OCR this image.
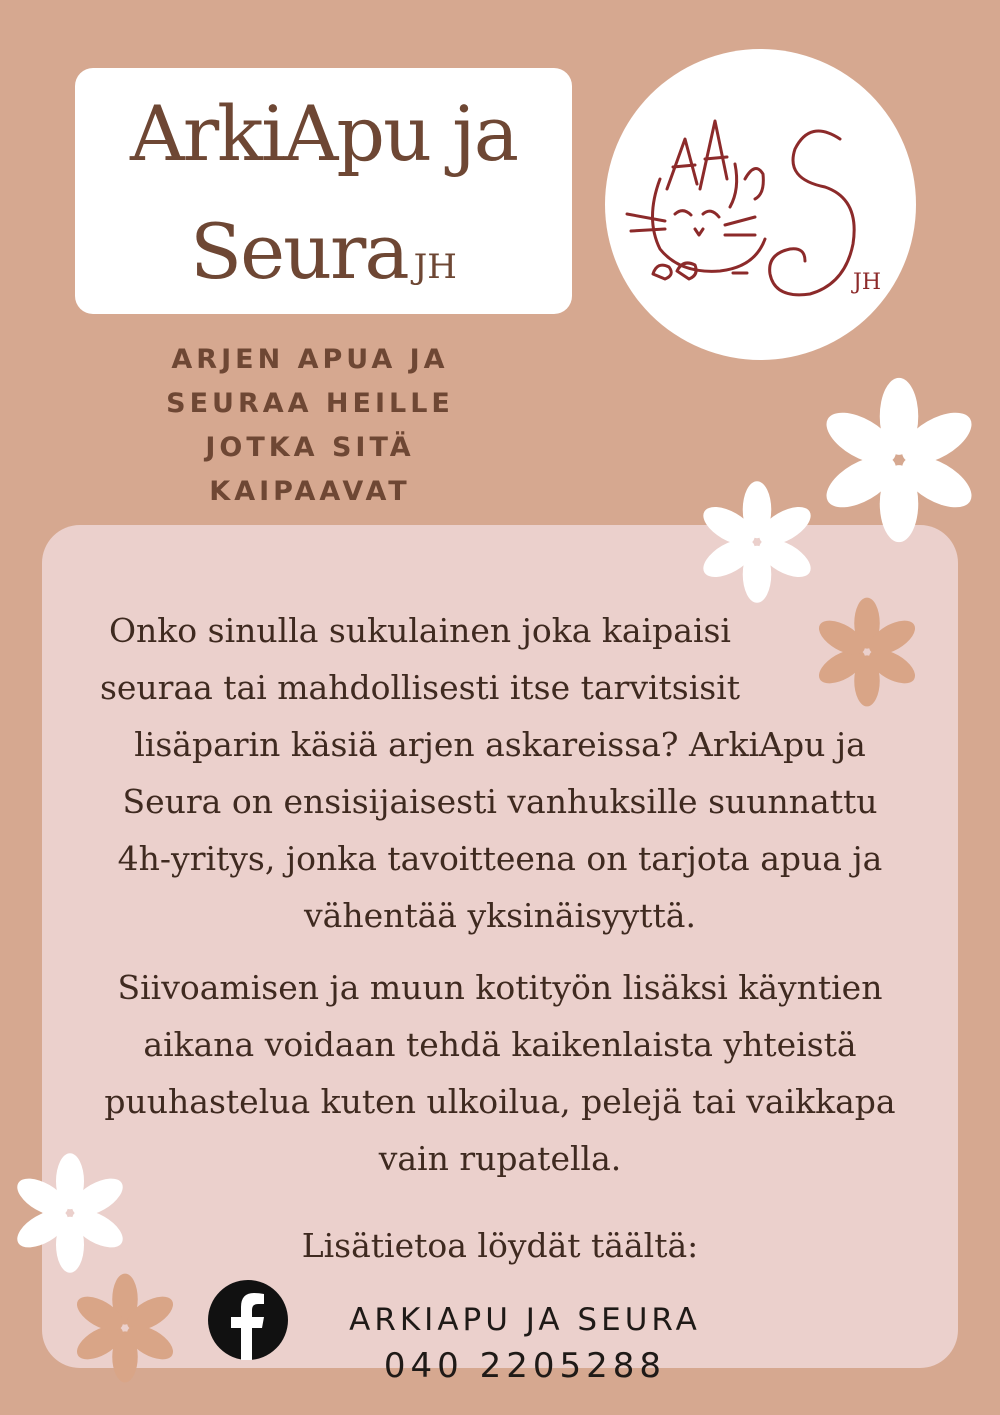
ArkiApu ja
Seura JH	JH
ARJEN APUA JA
SEURAA HEILLE
JOTKA SITÄ
KAIPAAVAT
Onko sinulla sukulainen joka kaipaisi
seuraa tai mahdollisesti itse tarvitsisit
lisäparin käsiä arjen askareissa? ArkiApu ja
Seura on ensisijaisesti vanhuksille suunnattu
4h-yritys, jonka tavoitteena on tarjota apua ja
vähentää yksinäisyyttä.
Siivoamisen ja muun kotityön lisäksi käyntien
aikana voidaan tehdä kaikenlaista yhteistä
puuhastelua kuten ulkoilua, pelejä tai vaikkapa
vain rupatella.
Lisätietoa löydät täältä:
ARKIAPU JA SEURA
040 2205288
